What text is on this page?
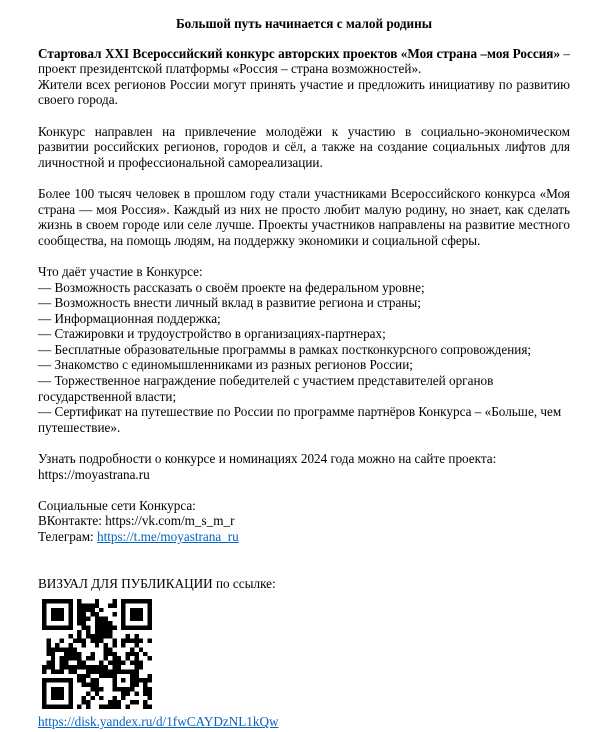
Большой путь начинается с малой родины

Стартовал XXI Всероссийский конкурс авторских проектов «Моя страна –моя Россия» – проект президентской платформы «Россия – страна возможностей».

Жители всех регионов России могут принять участие и предложить инициативу по развитию своего города.

Конкурс направлен на привлечение молодёжи к участию в социально-экономическом развитии российских регионов, городов и сёл, а также на создание социальных лифтов для личностной и профессиональной самореализации.

Более 100 тысяч человек в прошлом году стали участниками Всероссийского конкурса «Моя страна — моя Россия». Каждый из них не просто любит малую родину, но знает, как сделать жизнь в своем городе или селе лучше. Проекты участников направлены на развитие местного сообщества, на помощь людям, на поддержку экономики и социальной сферы.

Что даёт участие в Конкурсе:
— Возможность рассказать о своём проекте на федеральном уровне;
— Возможность внести личный вклад в развитие региона и страны;
— Информационная поддержка;
— Стажировки и трудоустройство в организациях-партнерах;
— Бесплатные образовательные программы в рамках постконкурсного сопровождения;
— Знакомство с единомышленниками из разных регионов России;
— Торжественное награждение победителей с участием представителей органов государственной власти;
— Сертификат на путешествие по России по программе партнёров Конкурса – «Больше, чем путешествие».
Узнать подробности о конкурсе и номинациях 2024 года можно на сайте проекта:
https://moyastrana.ru
Социальные сети Конкурса:
ВКонтакте: https://vk.com/m_s_m_r
Телеграм: https://t.me/moyastrana_ru
ВИЗУАЛ ДЛЯ ПУБЛИКАЦИИ по ссылке:
https://disk.yandex.ru/d/1fwCAYDzNL1kQw
